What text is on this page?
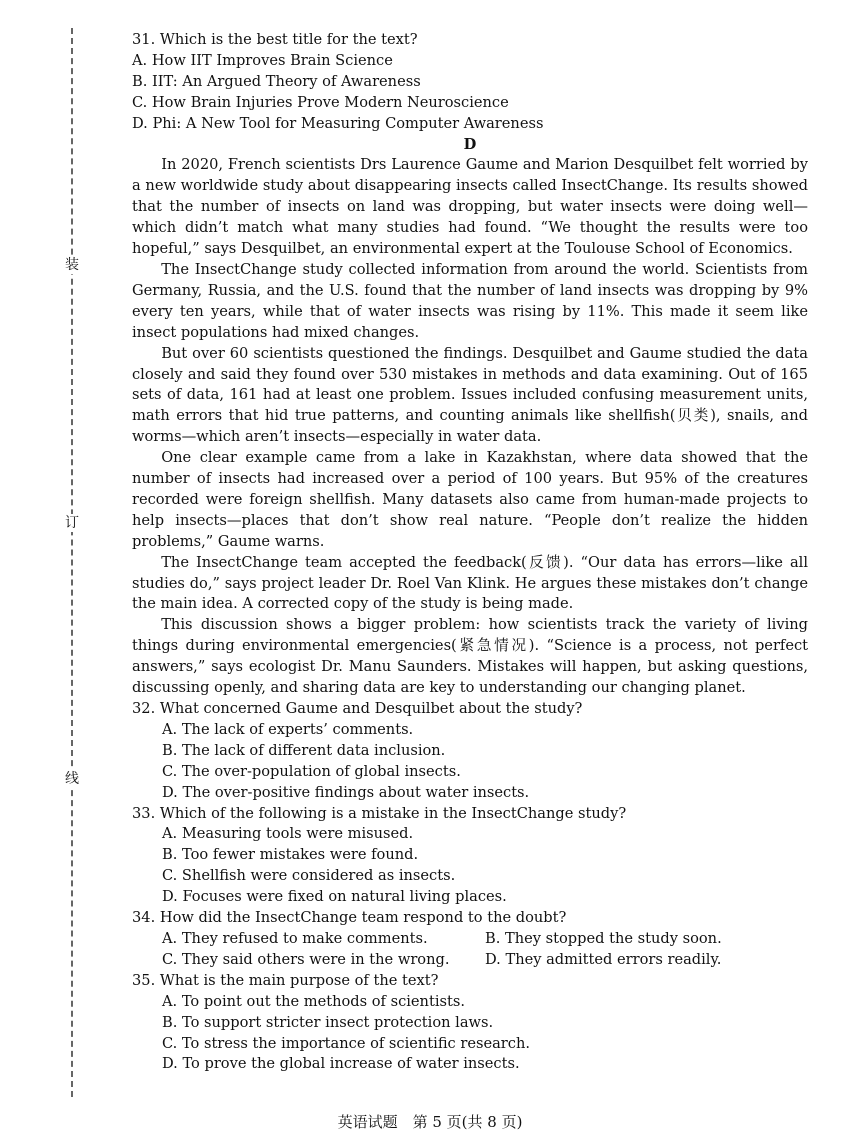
装
订
线

31. Which is the best title for the text?

A. How IIT Improves Brain Science

B. IIT: An Argued Theory of Awareness

C. How Brain Injuries Prove Modern Neuroscience

D. Phi: A New Tool for Measuring Computer Awareness

D

In 2020, French scientists Drs Laurence Gaume and Marion Desquilbet felt worried by a new worldwide study about disappearing insects called InsectChange. Its results showed that the number of insects on land was dropping, but water insects were doing well—which didn’t match what many studies had found. “We thought the results were too hopeful,” says Desquilbet, an environmental expert at the Toulouse School of Economics.

The InsectChange study collected information from around the world. Scientists from Germany, Russia, and the U.S. found that the number of land insects was dropping by 9% every ten years, while that of water insects was rising by 11%. This made it seem like insect populations had mixed changes.

But over 60 scientists questioned the findings. Desquilbet and Gaume studied the data closely and said they found over 530 mistakes in methods and data examining. Out of 165 sets of data, 161 had at least one problem. Issues included confusing measurement units, math errors that hid true patterns, and counting animals like shellfish(贝类), snails, and worms—which aren’t insects—especially in water data.

One clear example came from a lake in Kazakhstan, where data showed that the number of insects had increased over a period of 100 years. But 95% of the creatures recorded were foreign shellfish. Many datasets also came from human-made projects to help insects—places that don’t show real nature. “People don’t realize the hidden problems,” Gaume warns.

The InsectChange team accepted the feedback(反馈). “Our data has errors—like all studies do,” says project leader Dr. Roel Van Klink. He argues these mistakes don’t change the main idea. A corrected copy of the study is being made.

This discussion shows a bigger problem: how scientists track the variety of living things during environmental emergencies(紧急情况). “Science is a process, not perfect answers,” says ecologist Dr. Manu Saunders. Mistakes will happen, but asking questions, discussing openly, and sharing data are key to understanding our changing planet.

32. What concerned Gaume and Desquilbet about the study?

A. The lack of experts’ comments.

B. The lack of different data inclusion.

C. The over-population of global insects.

D. The over-positive findings about water insects.

33. Which of the following is a mistake in the InsectChange study?

A. Measuring tools were misused.

B. Too fewer mistakes were found.

C. Shellfish were considered as insects.

D. Focuses were fixed on natural living places.

34. How did the InsectChange team respond to the doubt?

A. They refused to make comments.	B. They stopped the study soon.
C. They said others were in the wrong.	D. They admitted errors readily.

35. What is the main purpose of the text?

A. To point out the methods of scientists.

B. To support stricter insect protection laws.

C. To stress the importance of scientific research.

D. To prove the global increase of water insects.

英语试题　第 5 页(共 8 页)
